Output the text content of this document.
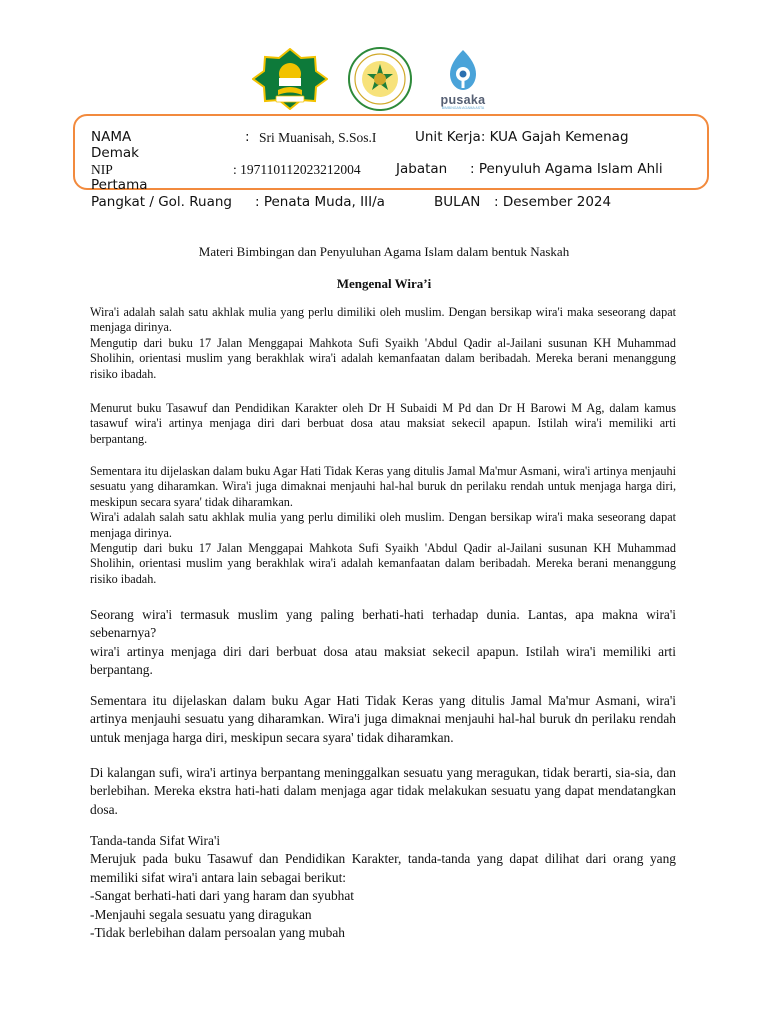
pusaka
BIMBINGAN AGAMA ASTA
NAMA	: Sri Muanisah, S.Sos.I	Unit Kerja: KUA Gajah Kemenag
Demak
NIP	: 197110112023212004	Jabatan : Penyuluh Agama Islam Ahli
Pertama
Pangkat / Gol. Ruang : Penata Muda, III/a	BULAN : Desember 2024
Materi Bimbingan dan Penyuluhan Agama Islam dalam bentuk Naskah
Mengenal Wira’i
Wira'i adalah salah satu akhlak mulia yang perlu dimiliki oleh muslim. Dengan bersikap wira'i maka seseorang dapat menjaga dirinya.
Mengutip dari buku 17 Jalan Menggapai Mahkota Sufi Syaikh 'Abdul Qadir al-Jailani susunan KH Muhammad Sholihin, orientasi muslim yang berakhlak wira'i adalah kemanfaatan dalam beribadah. Mereka berani menanggung risiko ibadah.
Menurut buku Tasawuf dan Pendidikan Karakter oleh Dr H Subaidi M Pd dan Dr H Barowi M Ag, dalam kamus tasawuf wira'i artinya menjaga diri dari berbuat dosa atau maksiat sekecil apapun. Istilah wira'i memiliki arti berpantang.
Sementara itu dijelaskan dalam buku Agar Hati Tidak Keras yang ditulis Jamal Ma'mur Asmani, wira'i artinya menjauhi sesuatu yang diharamkan. Wira'i juga dimaknai menjauhi hal-hal buruk dn perilaku rendah untuk menjaga harga diri, meskipun secara syara' tidak diharamkan.
Wira'i adalah salah satu akhlak mulia yang perlu dimiliki oleh muslim. Dengan bersikap wira'i maka seseorang dapat menjaga dirinya.
Mengutip dari buku 17 Jalan Menggapai Mahkota Sufi Syaikh 'Abdul Qadir al-Jailani susunan KH Muhammad Sholihin, orientasi muslim yang berakhlak wira'i adalah kemanfaatan dalam beribadah. Mereka berani menanggung risiko ibadah.
Seorang wira'i termasuk muslim yang paling berhati-hati terhadap dunia. Lantas, apa makna wira'i sebenarnya?
wira'i artinya menjaga diri dari berbuat dosa atau maksiat sekecil apapun. Istilah wira'i memiliki arti berpantang.
Sementara itu dijelaskan dalam buku Agar Hati Tidak Keras yang ditulis Jamal Ma'mur Asmani, wira'i artinya menjauhi sesuatu yang diharamkan. Wira'i juga dimaknai menjauhi hal-hal buruk dn perilaku rendah untuk menjaga harga diri, meskipun secara syara' tidak diharamkan.
Di kalangan sufi, wira'i artinya berpantang meninggalkan sesuatu yang meragukan, tidak berarti, sia-sia, dan berlebihan. Mereka ekstra hati-hati dalam menjaga agar tidak melakukan sesuatu yang dapat mendatangkan dosa.
Tanda-tanda Sifat Wira'i
Merujuk pada buku Tasawuf dan Pendidikan Karakter, tanda-tanda yang dapat dilihat dari orang yang memiliki sifat wira'i antara lain sebagai berikut:
-Sangat berhati-hati dari yang haram dan syubhat
-Menjauhi segala sesuatu yang diragukan
-Tidak berlebihan dalam persoalan yang mubah
